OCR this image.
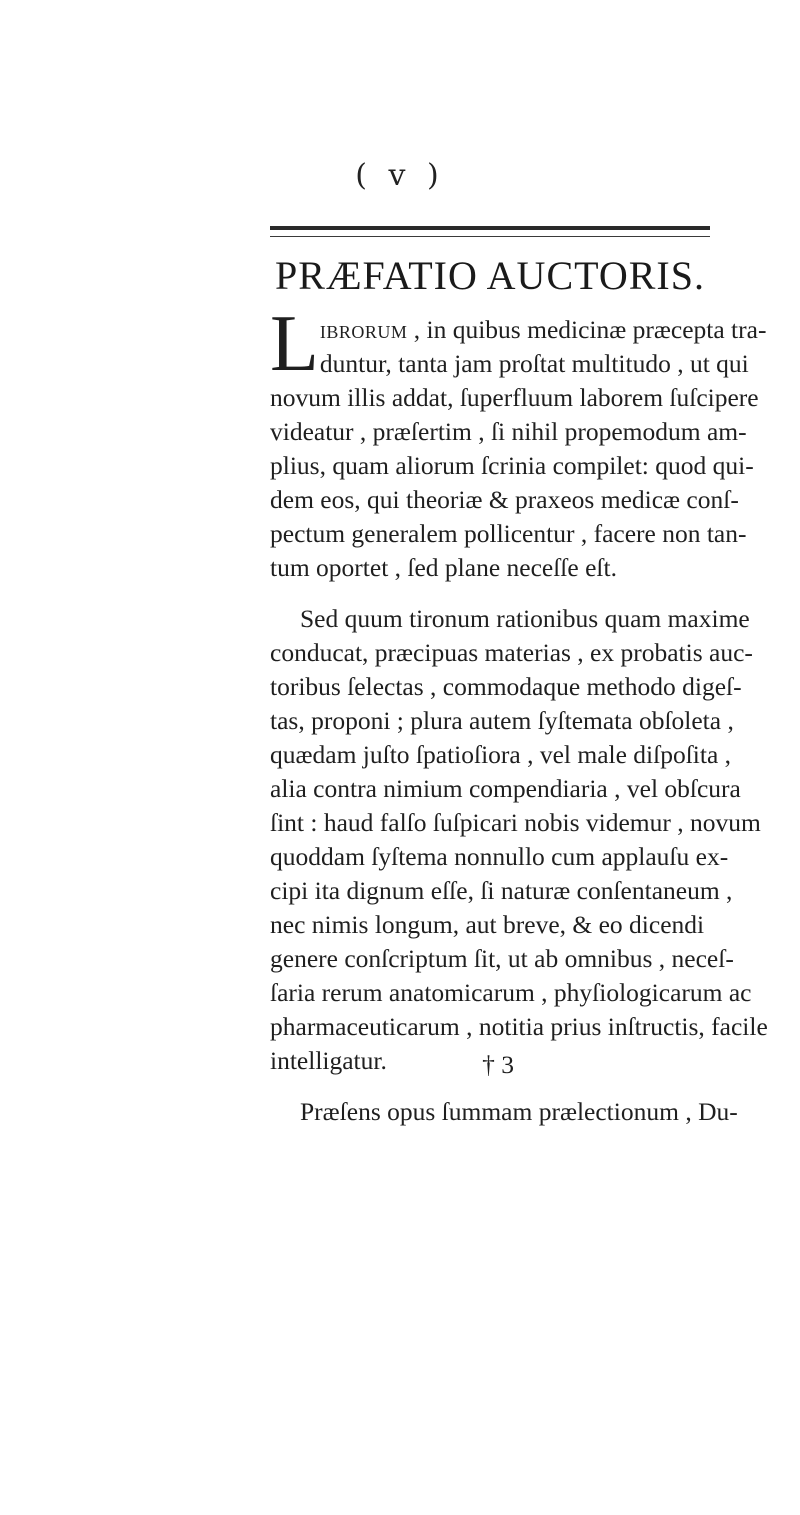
( v )
PRÆFATIO AUCTORIS.

L ibrorum , in quibus medicinæ præcepta tra-
duntur, tanta jam proſtat multitudo , ut qui
novum illis addat, ſuperfluum laborem ſuſcipere
videatur , præſertim , ſi nihil propemodum am-
plius, quam aliorum ſcrinia compilet: quod qui-
dem eos, qui theoriæ & praxeos medicæ conſ-
pectum generalem pollicentur , facere non tan-
tum oportet , ſed plane neceſſe eſt.

Sed quum tironum rationibus quam maxime
conducat, præcipuas materias , ex probatis auc-
toribus ſelectas , commodaque methodo digeſ-
tas, proponi ; plura autem ſyſtemata obſoleta ,
quædam juſto ſpatioſiora , vel male diſpoſita ,
alia contra nimium compendiaria , vel obſcura
ſint : haud falſo ſuſpicari nobis videmur , novum
quoddam ſyſtema nonnullo cum applauſu ex-
cipi ita dignum eſſe, ſi naturæ conſentaneum ,
nec nimis longum, aut breve, & eo dicendi
genere conſcriptum ſit, ut ab omnibus , neceſ-
ſaria rerum anatomicarum , phyſiologicarum ac
pharmaceuticarum , notitia prius inſtructis, facile
intelligatur.

Præſens opus ſummam prælectionum , Du-

† 3
